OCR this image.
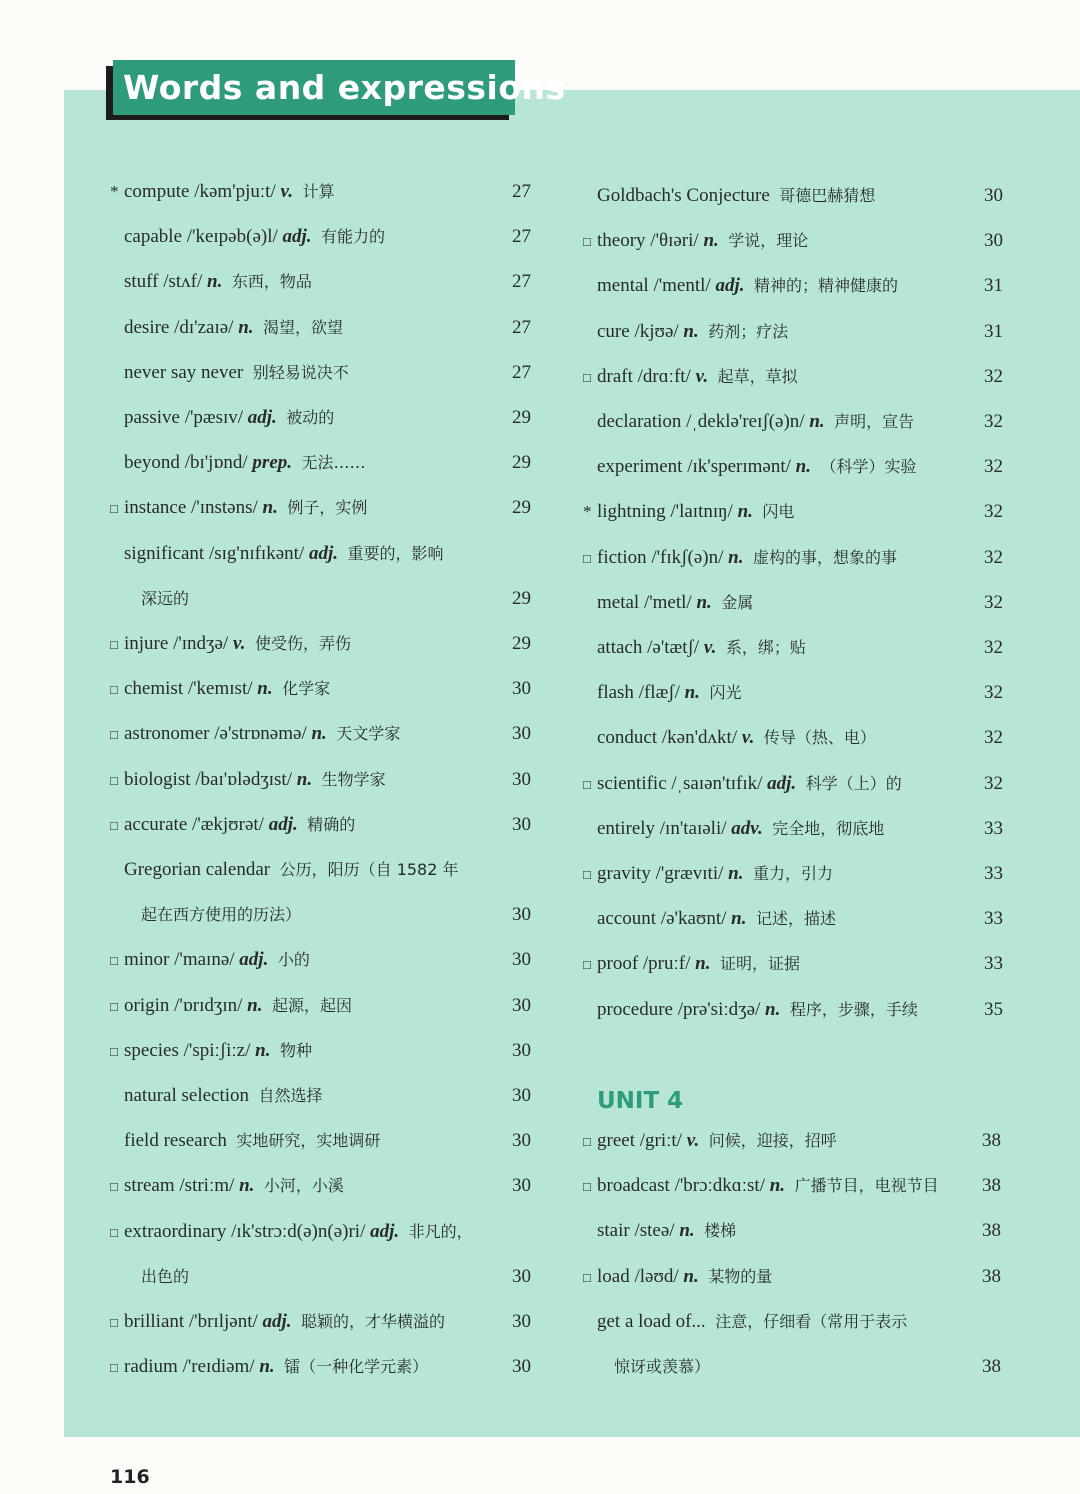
Words and expressions
* compute /kəm'pjuːt/ v.  计算	27
capable /'keɪpəb(ə)l/ adj.  有能力的	27
stuff /stʌf/ n.  东西，物品	27
desire /dɪ'zaɪə/ n.  渴望，欲望	27
never say never  别轻易说决不	27
passive /'pæsɪv/ adj.  被动的	29
beyond /bɪ'jɒnd/ prep.  无法……	29
□ instance /'ɪnstəns/ n.  例子，实例	29
significant /sɪg'nɪfɪkənt/ adj.  重要的，影响
深远的	29
□ injure /'ɪndʒə/ v.  使受伤，弄伤	29
□ chemist /'kemɪst/ n.  化学家	30
□ astronomer /ə'strɒnəmə/ n.  天文学家	30
□ biologist /baɪ'ɒlədʒɪst/ n.  生物学家	30
□ accurate /'ækjʊrət/ adj.  精确的	30
Gregorian calendar  公历，阳历（自 1582 年
起在西方使用的历法）	30
□ minor /'maɪnə/ adj.  小的	30
□ origin /'ɒrɪdʒɪn/ n.  起源，起因	30
□ species /'spiːʃiːz/ n.  物种	30
natural selection  自然选择	30
field research  实地研究，实地调研	30
□ stream /striːm/ n.  小河，小溪	30
□ extraordinary /ɪk'strɔːd(ə)n(ə)ri/ adj.  非凡的，
出色的	30
□ brilliant /'brɪljənt/ adj.  聪颖的，才华横溢的	30
□ radium /'reɪdiəm/ n.  镭（一种化学元素）	30
Goldbach's Conjecture  哥德巴赫猜想	30
□ theory /'θɪəri/ n.  学说，理论	30
mental /'mentl/ adj.  精神的；精神健康的	31
cure /kjʊə/ n.  药剂；疗法	31
□ draft /drɑːft/ v.  起草，草拟	32
declaration /ˌdeklə'reɪʃ(ə)n/ n.  声明，宣告	32
experiment /ɪk'sperɪmənt/ n.  （科学）实验	32
* lightning /'laɪtnɪŋ/ n.  闪电	32
□ fiction /'fɪkʃ(ə)n/ n.  虚构的事，想象的事	32
metal /'metl/ n.  金属	32
attach /ə'tætʃ/ v.  系，绑；贴	32
flash /flæʃ/ n.  闪光	32
conduct /kən'dʌkt/ v.  传导（热、电）	32
□ scientific /ˌsaɪən'tɪfɪk/ adj.  科学（上）的	32
entirely /ɪn'taɪəli/ adv.  完全地，彻底地	33
□ gravity /'grævɪti/ n.  重力，引力	33
account /ə'kaʊnt/ n.  记述，描述	33
□ proof /pruːf/ n.  证明，证据	33
procedure /prə'siːdʒə/ n.  程序，步骤，手续	35
□ greet /griːt/ v.  问候，迎接，招呼	38
□ broadcast /'brɔːdkɑːst/ n.  广播节目，电视节目	38
stair /steə/ n.  楼梯	38
□ load /ləʊd/ n.  某物的量	38
get a load of...  注意，仔细看（常用于表示
惊讶或羡慕）	38
UNIT 4
116
